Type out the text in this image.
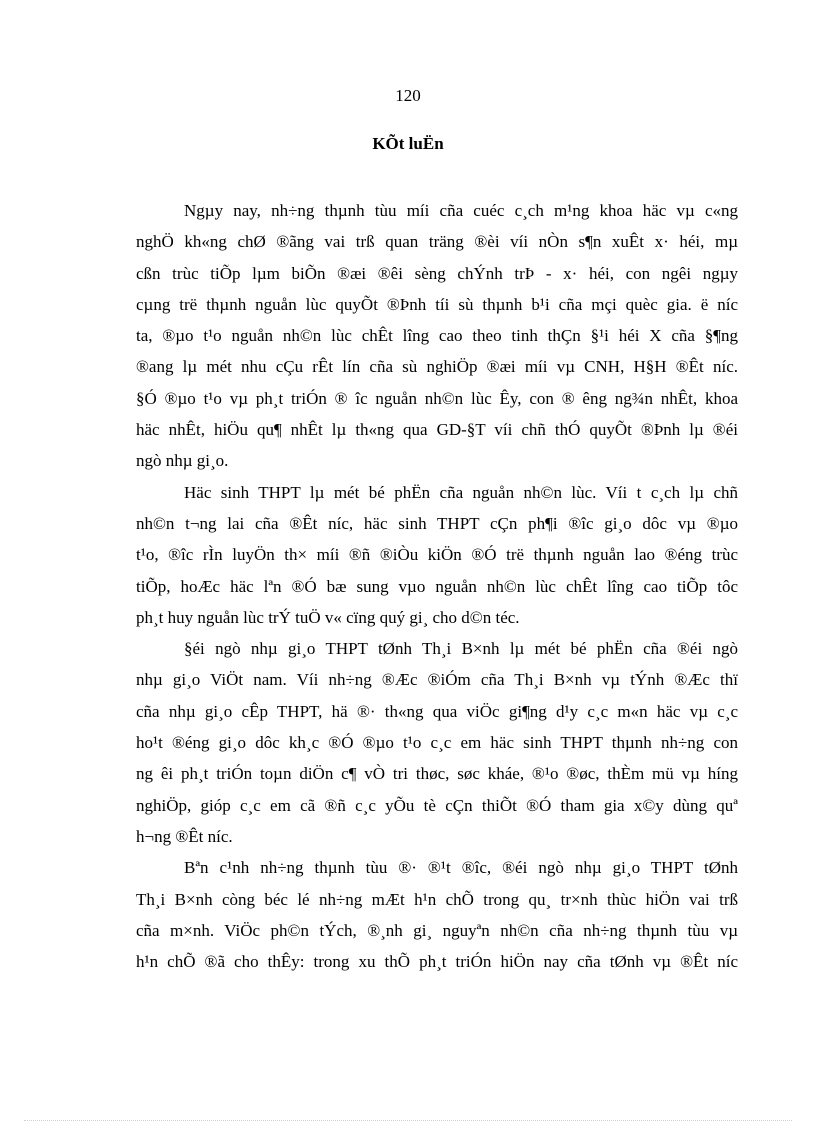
120
KÕt luËn
Ngµy nay, nh÷ng thµnh tùu míi cña cuéc c¸ch m¹ng khoa häc vµ c«ng
nghÖ kh«ng chØ ®ãng vai trß quan träng ®èi víi nÒn s¶n xuÊt x· héi, mµ
cßn trùc tiÕp lµm biÕn ®æi ®êi sèng chÝnh trÞ - x· héi, con ngêi ngµy
cµng trë thµnh nguån lùc quyÕt ®Þnh tíi sù thµnh b¹i cña mçi quèc gia. ë níc
ta, ®µo t¹o nguån nh©n lùc chÊt lîng cao theo tinh thÇn §¹i héi X cña §¶ng
®ang lµ mét nhu cÇu rÊt lín cña sù nghiÖp ®æi míi vµ CNH, H§H ®Êt níc.
§Ó ®µo t¹o vµ ph¸t triÓn ® îc nguån nh©n lùc Êy, con ® êng ng¾n nhÊt, khoa
häc nhÊt, hiÖu qu¶ nhÊt lµ th«ng qua GD-§T víi chñ thÓ quyÕt ®Þnh lµ ®éi
ngò nhµ gi¸o.
Häc sinh THPT lµ mét bé phËn cña nguån nh©n lùc. Víi t c¸ch lµ chñ
nh©n t¬ng lai cña ®Êt níc, häc sinh THPT cÇn ph¶i ®îc gi¸o dôc vµ ®µo
t¹o, ®îc rÌn luyÖn th× míi ®ñ ®iÒu kiÖn ®Ó trë thµnh nguån lao ®éng trùc
tiÕp, hoÆc häc lªn ®Ó bæ sung vµo nguån nh©n lùc chÊt lîng cao tiÕp tôc
ph¸t huy nguån lùc trÝ tuÖ v« cïng quý gi¸ cho d©n téc.
§éi ngò nhµ gi¸o THPT tØnh Th¸i B×nh lµ mét bé phËn cña ®éi ngò
nhµ gi¸o ViÖt nam. Víi nh÷ng ®Æc ®iÓm cña Th¸i B×nh vµ tÝnh ®Æc thï
cña nhµ gi¸o cÊp THPT, hä ®· th«ng qua viÖc gi¶ng d¹y c¸c m«n häc vµ c¸c
ho¹t ®éng gi¸o dôc kh¸c ®Ó ®µo t¹o c¸c em häc sinh THPT thµnh nh÷ng con
ng êi ph¸t triÓn toµn diÖn c¶ vÒ tri thøc, søc kháe, ®¹o ®øc, thÈm mü vµ híng
nghiÖp, gióp c¸c em cã ®ñ c¸c yÕu tè cÇn thiÕt ®Ó tham gia x©y dùng quª
h¬ng ®Êt níc.
Bªn c¹nh nh÷ng thµnh tùu ®· ®¹t ®îc, ®éi ngò nhµ gi¸o THPT tØnh
Th¸i B×nh còng béc lé nh÷ng mÆt h¹n chÕ trong qu¸ tr×nh thùc hiÖn vai trß
cña m×nh. ViÖc ph©n tÝch, ®¸nh gi¸ nguyªn nh©n cña nh÷ng thµnh tùu vµ
h¹n chÕ ®ã cho thÊy: trong xu thÕ ph¸t triÓn hiÖn nay cña tØnh vµ ®Êt níc
